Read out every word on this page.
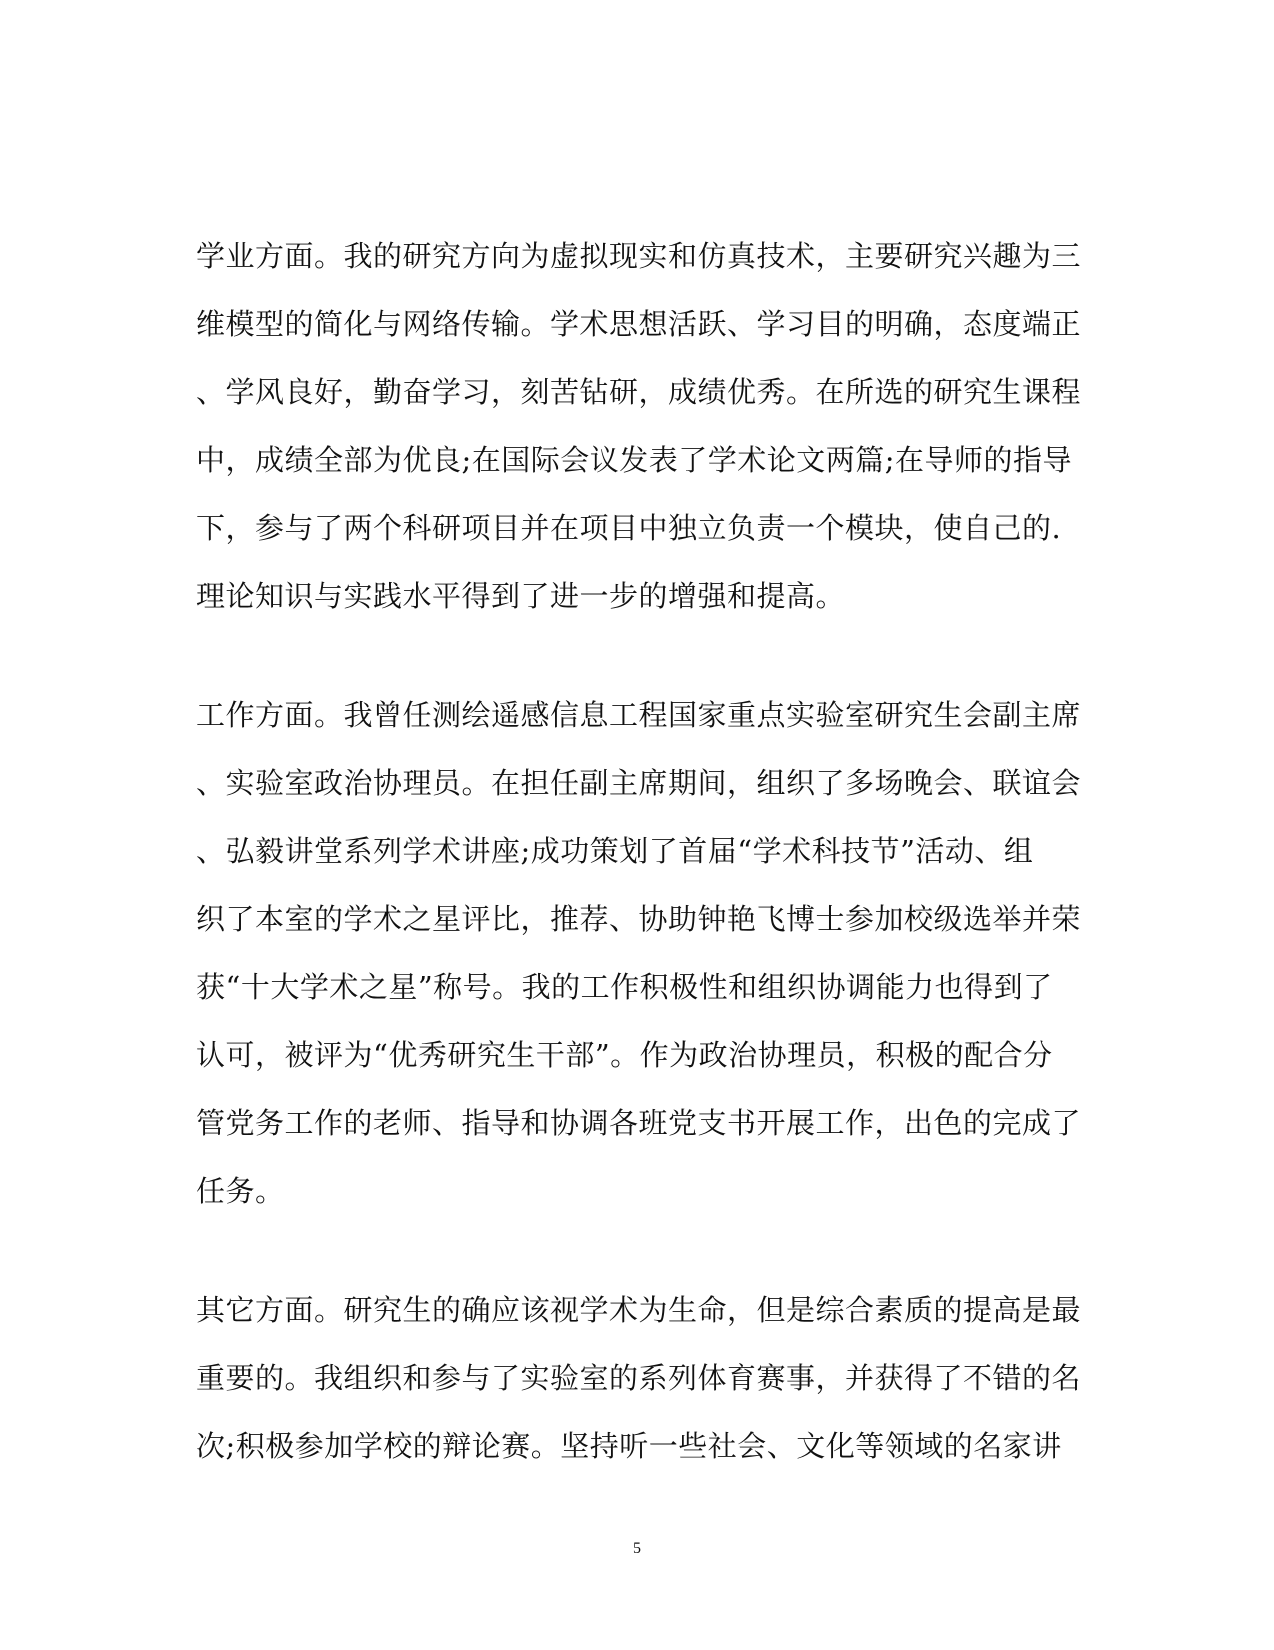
学业方面。我的研究方向为虚拟现实和仿真技术，主要研究兴趣为三
维模型的简化与网络传输。学术思想活跃、学习目的明确，态度端正
、学风良好，勤奋学习，刻苦钻研，成绩优秀。在所选的研究生课程
中，成绩全部为优良;在国际会议发表了学术论文两篇;在导师的指导
下，参与了两个科研项目并在项目中独立负责一个模块，使自己的.
理论知识与实践水平得到了进一步的增强和提高。
工作方面。我曾任测绘遥感信息工程国家重点实验室研究生会副主席
、实验室政治协理员。在担任副主席期间，组织了多场晚会、联谊会
、弘毅讲堂系列学术讲座;成功策划了首届“学术科技节”活动、组
织了本室的学术之星评比，推荐、协助钟艳飞博士参加校级选举并荣
获“十大学术之星”称号。我的工作积极性和组织协调能力也得到了
认可，被评为“优秀研究生干部”。作为政治协理员，积极的配合分
管党务工作的老师、指导和协调各班党支书开展工作，出色的完成了
任务。
其它方面。研究生的确应该视学术为生命，但是综合素质的提高是最
重要的。我组织和参与了实验室的系列体育赛事，并获得了不错的名
次;积极参加学校的辩论赛。坚持听一些社会、文化等领域的名家讲
5
